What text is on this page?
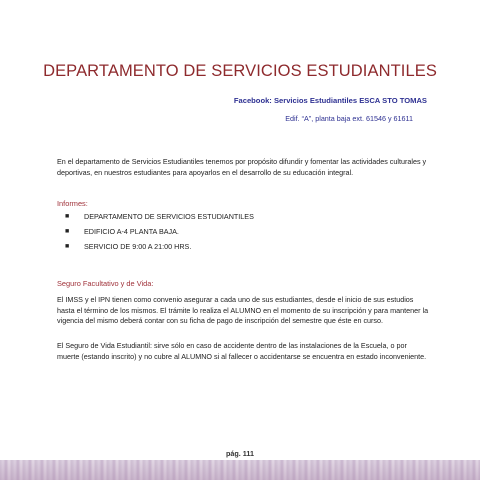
DEPARTAMENTO DE SERVICIOS ESTUDIANTILES
Facebook: Servicios Estudiantiles ESCA STO TOMAS
Edif. “A”, planta baja ext. 61546 y 61611
En el departamento de Servicios Estudiantiles tenemos por propósito difundir y fomentar las actividades culturales y deportivas, en nuestros estudiantes para apoyarlos en el desarrollo de su educación integral.
Informes:
■ DEPARTAMENTO DE SERVICIOS ESTUDIANTILES
■ EDIFICIO A-4 PLANTA BAJA.
■ SERVICIO DE 9:00 A 21:00 HRS.
Seguro Facultativo y de Vida:
El IMSS y el IPN tienen como convenio asegurar a cada uno de sus estudiantes, desde el inicio de sus estudios hasta el término de los mismos. El trámite lo realiza el ALUMNO en el momento de su inscripción y para mantener la vigencia del mismo deberá contar con su ficha de pago de inscripción del semestre que éste en curso.
El Seguro de Vida Estudiantil: sirve sólo en caso de accidente dentro de las instalaciones de la Escuela, o por muerte (estando inscrito) y no cubre al ALUMNO si al fallecer o accidentarse se encuentra en estado inconveniente.
pág. 111
